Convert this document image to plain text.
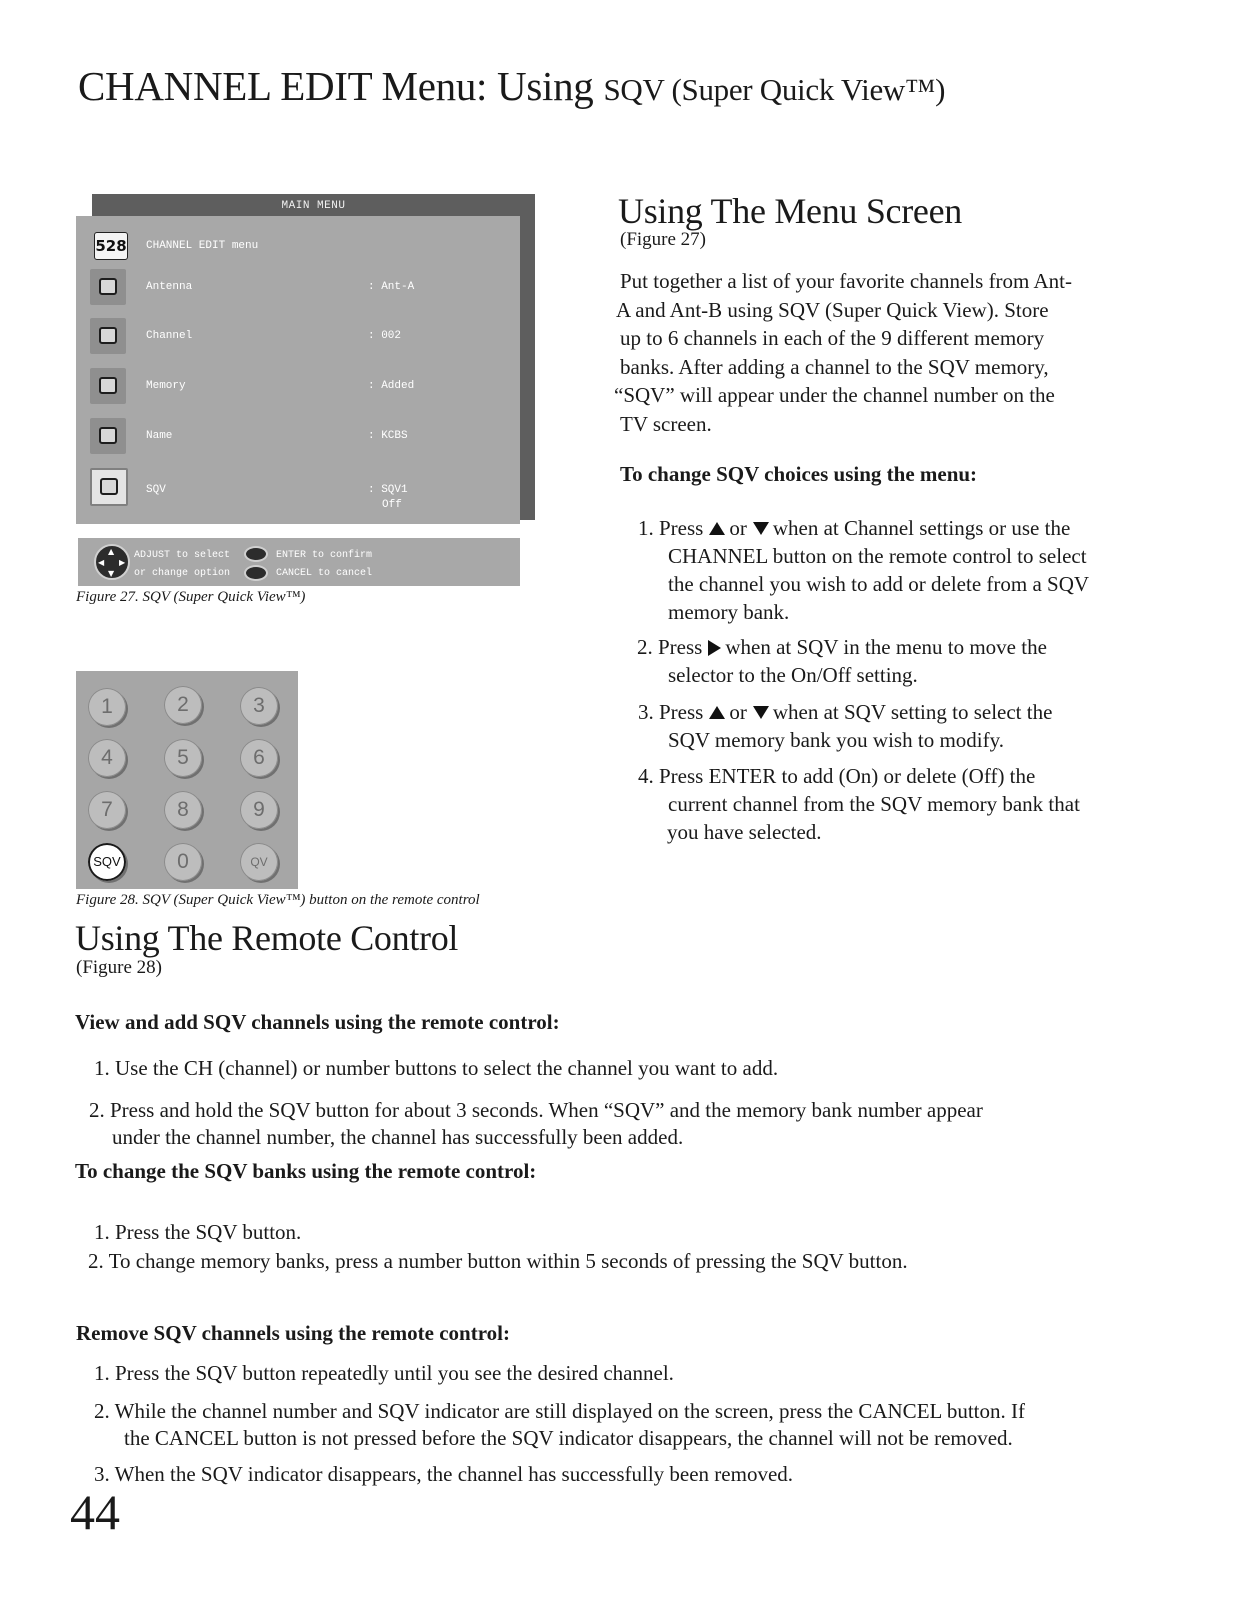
CHANNEL EDIT Menu: Using SQV (Super Quick View™)
MAIN MENU
528 CHANNEL EDIT menu
Antenna	: Ant-A
Channel	: 002
Memory	: Added
Name	: KCBS
SQV	: SQV1
Off
▲
▼
◀ ▶
ADJUST to select
or change option
ENTER to confirm
CANCEL to cancel
Figure 27. SQV (Super Quick View™)
1	2	3
4	5	6
7	8	9
SQV	0	QV
Figure 28. SQV (Super Quick View™) button on the remote control
Using The Menu Screen
(Figure 27)
Put together a list of your favorite channels from Ant-
A and Ant-B using SQV (Super Quick View). Store
up to 6 channels in each of the 9 different memory
banks. After adding a channel to the SQV memory,
“SQV” will appear under the channel number on the
TV screen.
To change SQV choices using the menu:
1. Press or when at Channel settings or use the
CHANNEL button on the remote control to select
the channel you wish to add or delete from a SQV
memory bank.
2. Press when at SQV in the menu to move the
selector to the On/Off setting.
3. Press or when at SQV setting to select the
SQV memory bank you wish to modify.
4. Press ENTER to add (On) or delete (Off) the
current channel from the SQV memory bank that
you have selected.
Using The Remote Control
(Figure 28)
View and add SQV channels using the remote control:
1. Use the CH (channel) or number buttons to select the channel you want to add.
2. Press and hold the SQV button for about 3 seconds. When “SQV” and the memory bank number appear
under the channel number, the channel has successfully been added.
To change the SQV banks using the remote control:
1. Press the SQV button.
2. To change memory banks, press a number button within 5 seconds of pressing the SQV button.
Remove SQV channels using the remote control:
1. Press the SQV button repeatedly until you see the desired channel.
2. While the channel number and SQV indicator are still displayed on the screen, press the CANCEL button. If
the CANCEL button is not pressed before the SQV indicator disappears, the channel will not be removed.
3. When the SQV indicator disappears, the channel has successfully been removed.
44
